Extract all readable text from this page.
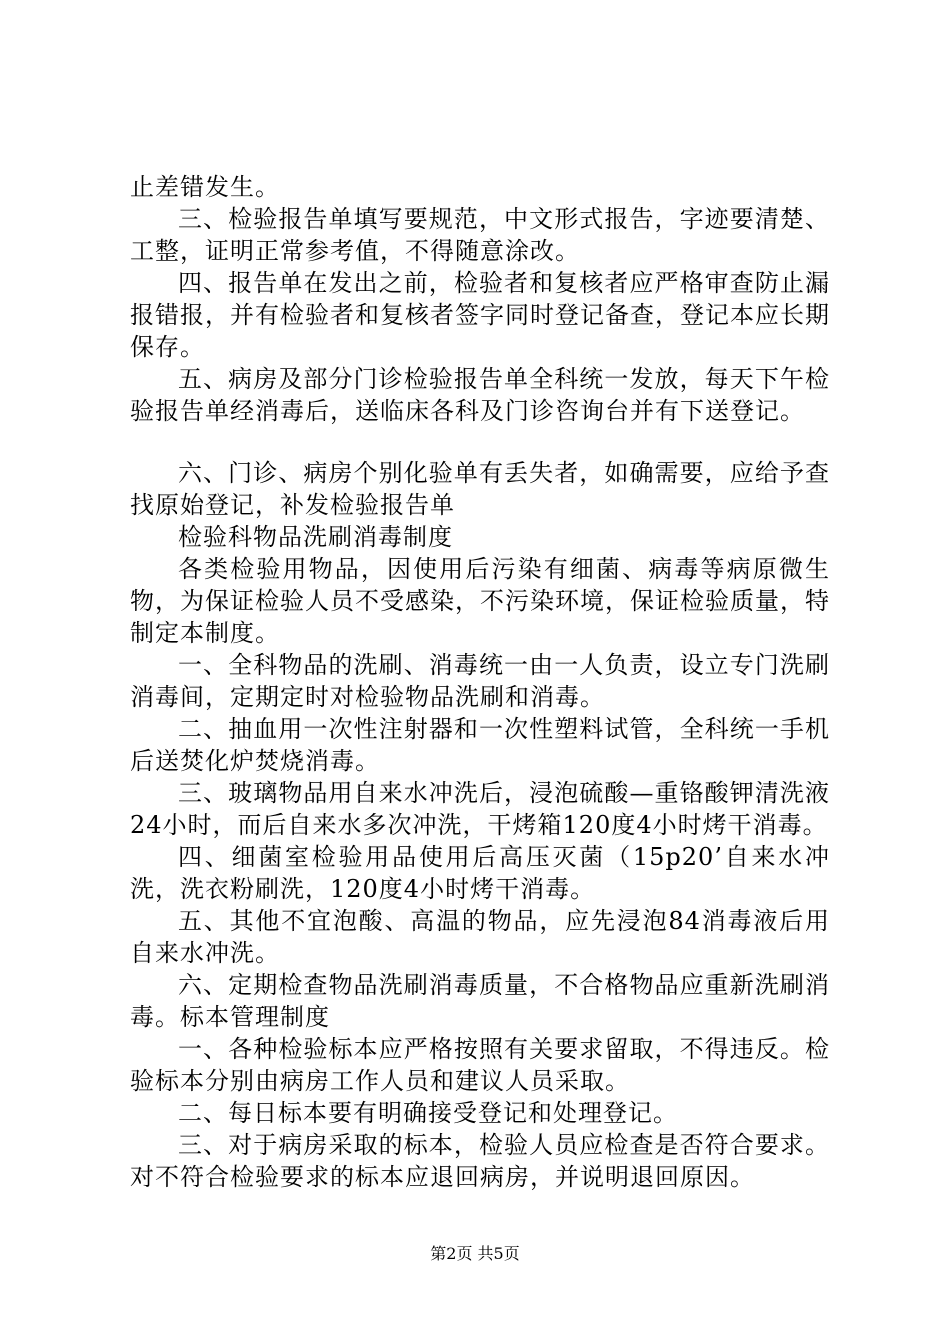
止差错发生。

三、检验报告单填写要规范，中文形式报告，字迹要清楚、工整，证明正常参考值，不得随意涂改。

四、报告单在发出之前，检验者和复核者应严格审查防止漏报错报，并有检验者和复核者签字同时登记备查，登记本应长期保存。

五、病房及部分门诊检验报告单全科统一发放，每天下午检验报告单经消毒后，送临床各科及门诊咨询台并有下送登记。

六、门诊、病房个别化验单有丢失者，如确需要，应给予查找原始登记，补发检验报告单

检验科物品洗刷消毒制度

各类检验用物品，因使用后污染有细菌、病毒等病原微生物，为保证检验人员不受感染，不污染环境，保证检验质量，特制定本制度。

一、全科物品的洗刷、消毒统一由一人负责，设立专门洗刷消毒间，定期定时对检验物品洗刷和消毒。

二、抽血用一次性注射器和一次性塑料试管，全科统一手机后送焚化炉焚烧消毒。

三、玻璃物品用自来水冲洗后，浸泡硫酸—重铬酸钾清洗液24小时，而后自来水多次冲洗，干烤箱120度4小时烤干消毒。

四、细菌室检验用品使用后高压灭菌（15p20’自来水冲洗，洗衣粉刷洗，120度4小时烤干消毒。

五、其他不宜泡酸、高温的物品，应先浸泡84消毒液后用自来水冲洗。

六、定期检查物品洗刷消毒质量，不合格物品应重新洗刷消毒。标本管理制度

一、各种检验标本应严格按照有关要求留取，不得违反。检验标本分别由病房工作人员和建议人员采取。

二、每日标本要有明确接受登记和处理登记。

三、对于病房采取的标本，检验人员应检查是否符合要求。对不符合检验要求的标本应退回病房，并说明退回原因。

第2页 共5页
